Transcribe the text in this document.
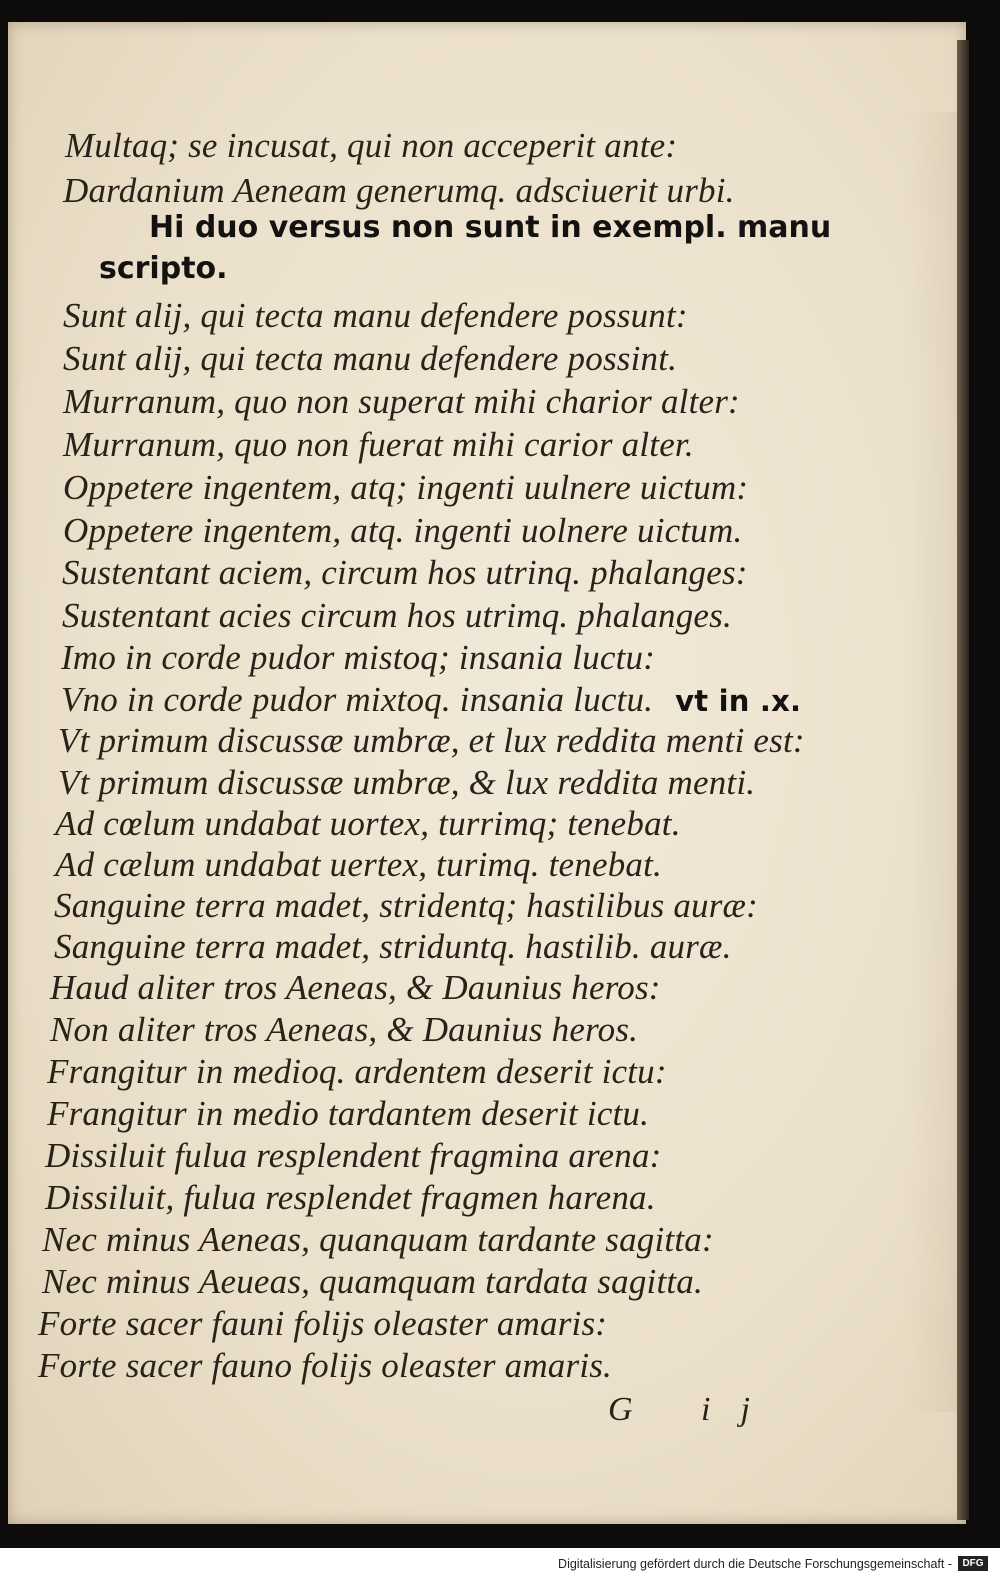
Multaq; se incusat, qui non acceperit ante:
Dardanium Aeneam generumq. adsciuerit urbi.
Hi duo versus non sunt in exempl. manu
scripto.
Sunt alij, qui tecta manu defendere possunt:
Sunt alij, qui tecta manu defendere possint.
Murranum, quo non superat mihi charior alter:
Murranum, quo non fuerat mihi carior alter.
Oppetere ingentem, atq; ingenti uulnere uictum:
Oppetere ingentem, atq. ingenti uolnere uictum.
Sustentant aciem, circum hos utrinq. phalanges:
Sustentant acies circum hos utrimq. phalanges.
Imo in corde pudor mistoq; insania luctu:
Vno in corde pudor mixtoq. insania luctu. vt in .x.
Vt primum discussæ umbræ, et lux reddita menti est:
Vt primum discussæ umbræ, & lux reddita menti.
Ad cœlum undabat uortex, turrimq; tenebat.
Ad cælum undabat uertex, turimq. tenebat.
Sanguine terra madet, stridentq; hastilibus auræ:
Sanguine terra madet, striduntq. hastilib. auræ.
Haud aliter tros Aeneas, & Daunius heros:
Non aliter tros Aeneas, & Daunius heros.
Frangitur in medioq. ardentem deserit ictu:
Frangitur in medio tardantem deserit ictu.
Dissiluit fulua resplendent fragmina arena:
Dissiluit, fulua resplendet fragmen harena.
Nec minus Aeneas, quanquam tardante sagitta:
Nec minus Aeueas, quamquam tardata sagitta.
Forte sacer fauni folijs oleaster amaris:
Forte sacer fauno folijs oleaster amaris.
G ij
Digitalisierung gefördert durch die Deutsche Forschungsgemeinschaft -	DFG
